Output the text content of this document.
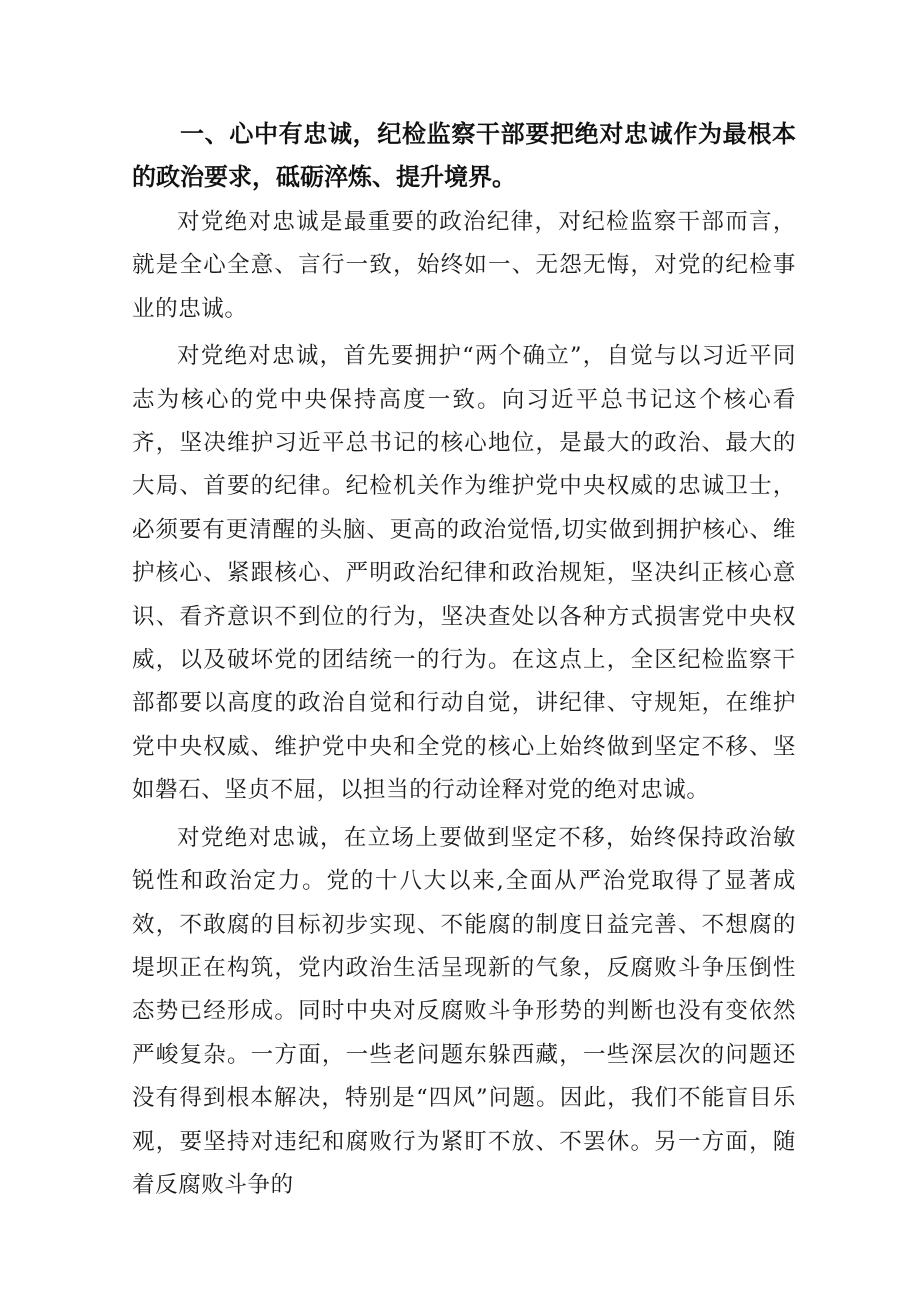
一、心中有忠诚，纪检监察干部要把绝对忠诚作为最根本的政治要求，砥砺淬炼、提升境界。

对党绝对忠诚是最重要的政治纪律，对纪检监察干部而言，就是全心全意、言行一致，始终如一、无怨无悔，对党的纪检事业的忠诚。

对党绝对忠诚，首先要拥护“两个确立”，自觉与以习近平同志为核心的党中央保持高度一致。向习近平总书记这个核心看齐，坚决维护习近平总书记的核心地位，是最大的政治、最大的大局、首要的纪律。纪检机关作为维护党中央权威的忠诚卫士，必须要有更清醒的头脑、更高的政治觉悟,切实做到拥护核心、维护核心、紧跟核心、严明政治纪律和政治规矩，坚决纠正核心意识、看齐意识不到位的行为，坚决查处以各种方式损害党中央权威，以及破坏党的团结统一的行为。在这点上，全区纪检监察干部都要以高度的政治自觉和行动自觉，讲纪律、守规矩，在维护党中央权威、维护党中央和全党的核心上始终做到坚定不移、坚如磐石、坚贞不屈，以担当的行动诠释对党的绝对忠诚。

对党绝对忠诚，在立场上要做到坚定不移，始终保持政治敏锐性和政治定力。党的十八大以来,全面从严治党取得了显著成效，不敢腐的目标初步实现、不能腐的制度日益完善、不想腐的堤坝正在构筑，党内政治生活呈现新的气象，反腐败斗争压倒性态势已经形成。同时中央对反腐败斗争形势的判断也没有变依然严峻复杂。一方面，一些老问题东躲西藏，一些深层次的问题还没有得到根本解决，特别是“四风”问题。因此，我们不能盲目乐观，要坚持对违纪和腐败行为紧盯不放、不罢休。另一方面，随着反腐败斗争的
